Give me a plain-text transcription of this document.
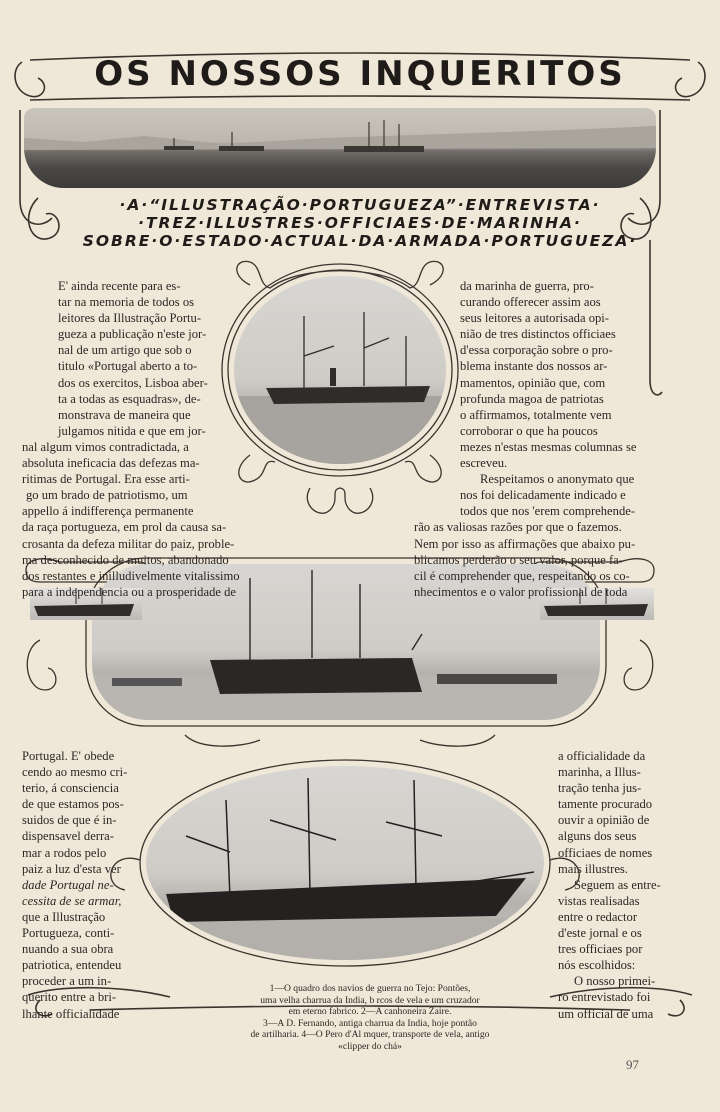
OS NOSSOS INQUERITOS
·A·“ILLUSTRAÇÃO·PORTUGUEZA”·ENTREVISTA·
·TREZ·ILLUSTRES·OFFICIAES·DE·MARINHA·
SOBRE·O·ESTADO·ACTUAL·DA·ARMADA·PORTUGUEZA·

E' ainda recente para es-

tar na memoria de todos os

leitores da Illustração Portu-

gueza a publicação n'este jor-

nal de um artigo que sob o

titulo «Portugal aberto a to-

dos os exercitos, Lisboa aber-

ta a todas as esquadras», de-

monstrava de maneira que

julgamos nitida e que em jor-

nal algum vimos contradictada, a

absoluta ineficacia das defezas ma-

ritimas de Portugal. Era esse arti-

go um brado de patriotismo, um

appello á indifferença permanente

da raça portugueza, em prol da causa sa-

crosanta da defeza militar do paiz, proble-

ma desconhecido de muitos, abandonado

dos restantes e inilludivelmente vitalissimo

para a independencia ou a prosperidade de

da marinha de guerra, pro-

curando offerecer assim aos

seus leitores a autorisada opi-

nião de tres distinctos officiaes

d'essa corporação sobre o pro-

blema instante dos nossos ar-

mamentos, opinião que, com

profunda magoa de patriotas

o affirmamos, totalmente vem

corroborar o que ha poucos

mezes n'estas mesmas columnas se

escreveu.

Respeitamos o anonymato que

nos foi delicadamente indicado e

todos que nos 'erem comprehende-

rão as valiosas razões por que o fazemos.

Nem por isso as affirmações que abaixo pu-

blicamos perderão o seu valor, porque fa-

cil é comprehender que, respeitando os co-

nhecimentos e o valor profissional de toda

Portugal. E' obede

cendo ao mesmo cri-

terio, á consciencia

de que estamos pos-

suidos de que é in-

dispensavel derra-

mar a rodos pelo

paiz a luz d'esta ver

dade Portugal ne-

cessita de se armar,

que a Illustração

Portugueza, conti-

nuando a sua obra

patriotica, entendeu

proceder a um in-

querito entre a bri-

lhante officialidade

a officialidade da

marinha, a Illus-

tração tenha jus-

tamente procurado

ouvir a opinião de

alguns dos seus

officiaes de nomes

mais illustres.

Seguem as entre-

vistas realisadas

entre o redactor

d'este jornal e os

tres officiaes por

nós escolhidos:

O nosso primei-

ro entrevistado foi

um official de uma

1—O quadro dos navios de guerra no Tejo: Pontões,
uma velha charrua da India, b rcos de vela e um cruzador
em eterno fabrico. 2—A canhoneira Zaire.
3—A D. Fernando, antiga charrua da India, hoje pontão
de artilharia. 4—O Pero d'Al mquer, transporte de vela, antigo
«clipper do chá»
97
